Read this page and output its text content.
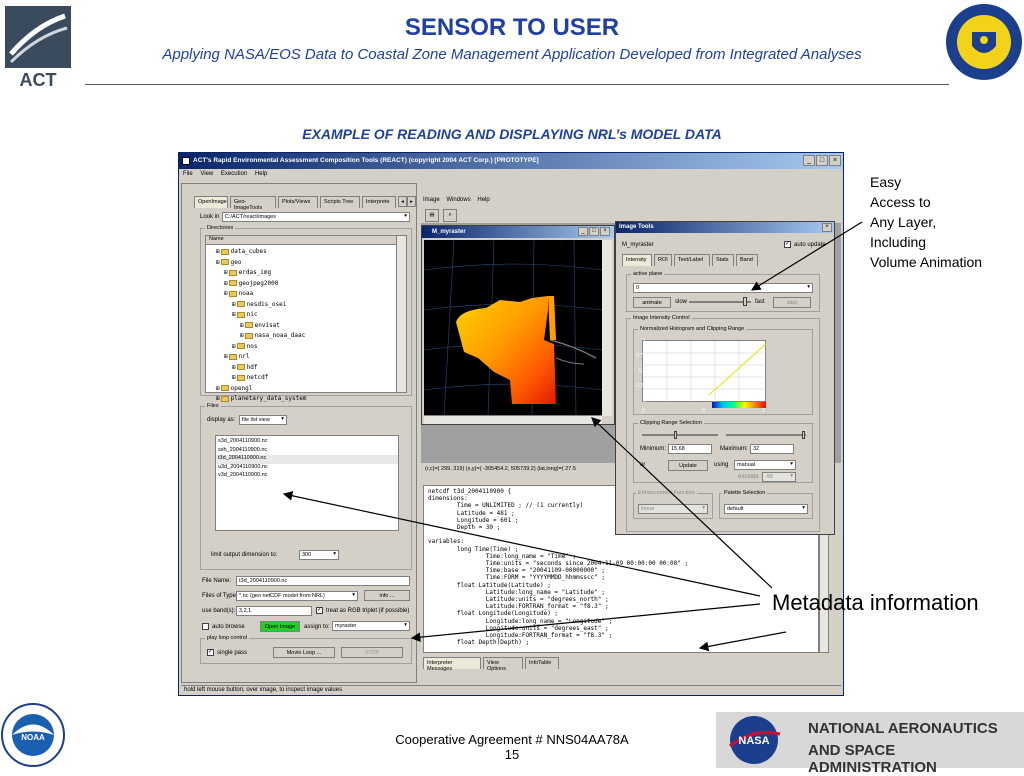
ACT
SENSOR TO USER
Applying NASA/EOS Data to Coastal Zone Management Application Developed from Integrated Analyses
EXAMPLE OF READING AND DISPLAYING NRL’s MODEL DATA
ACT's Rapid Environmental Assessment Composition Tools (REACT) (copyright 2004 ACT Corp.) [PROTOTYPE]	_	□	×
File View Execution Help
OpenImage	Geo-ImageTools
Plots/Views	Scripts Tree	Interprete	◂	▸
Look in	C:/ACT/react/images	▾
Directories
Name
⊞ data_cubes
⊞ geo
⊞ erdas_img
⊞ geojpeg2000
⊞ noaa
⊞ nesdis_osei
⊞ nic
⊞ envisat
⊞ nasa_noaa_daac
⊞ nos
⊞ nrl
⊞ hdf
⊞ netcdf
⊞ opengl
⊞ planetary_data_system
Files
display as:	file list view ▾
s3d_2004110900.nc
ssh_2004110900.nc
t3d_2004110900.nc
u3d_2004110900.nc
v3d_2004110900.nc
limit output dimension to:	300	▾
File Name:	t3d_2004110900.nc
Files of Type *.nc (geo netCDF model from NRL)	▾	info ...
use band(s): 3,2,1	✓ treat as RGB triplet (if possible)
auto browse	Open Image	assign to: myraster	▾
play loop control
✓ single pass	Movie Loop ...	STOP
hold left mouse button, over image, to inspect image values
Image Windows Help
▤	⌕
M_myraster	_	□	×
(r,c)=( 299, 319) (x,y)=( -305454.2, 505739.2) (lat,long)=( 27.5
netcdf t3d_2004110900 {
dimensions:
Time = UNLIMITED ; // (1 currently)
Latitude = 481 ;
Longitude = 601 ;
Depth = 30 ;
variables:
long Time(Time) ;
Time:long_name = "Time" ;
Time:units = "seconds since 2004-11-09 00:00:00 00:00" ;
Time:base = "20041109-00000000" ;
Time:FORM = "YYYYMMDD_hhmmsscc" ;
float Latitude(Latitude) ;
Latitude:long_name = "Latitude" ;
Latitude:units = "degrees_north" ;
Latitude:FORTRAN_format = "f8.3" ;
float Longitude(Longitude) ;
Longitude:long_name = "Longitude" ;
Longitude:units = "degrees_east" ;
Longitude:FORTRAN_format = "f8.3" ;
float Depth(Depth) ;
Interpreter Messages
View Options
InfoTable
Image Tools	×
M_myraster	✓ auto update
Intensity	ROI	Text/Label	Stats	Band
active plane
0	▾
animate	slow	fast	stop
Image Intensity Control
Normalized Histogram and Clipping Range
1
0.75
0.5
0.25
0
0	0	3
Clipping Range Selection
Minimum: 15.68	Maximum: 32
or	Update	using	manual	▾
exclude	-99	▾
Enhancement Function
linear	▾
Palette Selection
default	▾
Easy
Access to
Any Layer,
Including
Volume Animation
Metadata information
NOAA	Cooperative Agreement # NNS04AA78A
15
NASA
NATIONAL AERONAUTICS
AND SPACE ADMINISTRATION
